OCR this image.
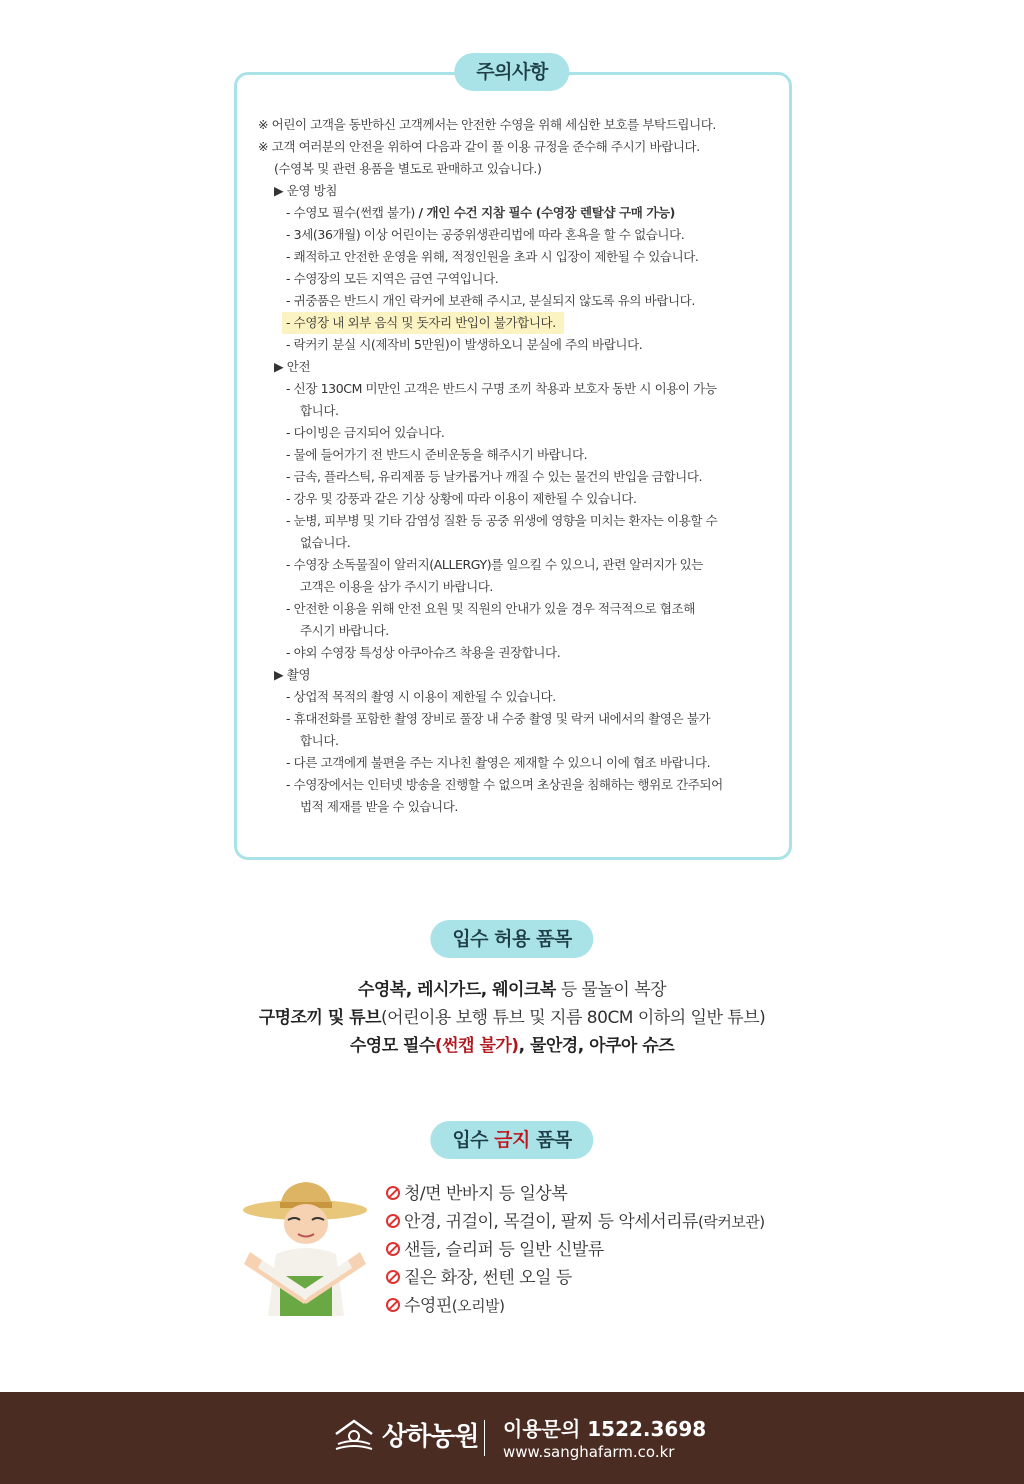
주의사항
※ 어린이 고객을 동반하신 고객께서는 안전한 수영을 위해 세심한 보호를 부탁드립니다.
※ 고객 여러분의 안전을 위하여 다음과 같이 풀 이용 규정을 준수해 주시기 바랍니다.
(수영복 및 관련 용품을 별도로 판매하고 있습니다.)
▶ 운영 방침
- 수영모 필수(썬캡 불가) / 개인 수건 지참 필수 (수영장 렌탈샵 구매 가능)
- 3세(36개월) 이상 어린이는 공중위생관리법에 따라 혼욕을 할 수 없습니다.
- 쾌적하고 안전한 운영을 위해, 적정인원을 초과 시 입장이 제한될 수 있습니다.
- 수영장의 모든 지역은 금연 구역입니다.
- 귀중품은 반드시 개인 락커에 보관해 주시고, 분실되지 않도록 유의 바랍니다.
- 수영장 내 외부 음식 및 돗자리 반입이 불가합니다.
- 락커키 분실 시(제작비 5만원)이 발생하오니 분실에 주의 바랍니다.
▶ 안전
- 신장 130CM 미만인 고객은 반드시 구명 조끼 착용과 보호자 동반 시 이용이 가능
합니다.
- 다이빙은 금지되어 있습니다.
- 물에 들어가기 전 반드시 준비운동을 해주시기 바랍니다.
- 금속, 플라스틱, 유리제품 등 날카롭거나 깨질 수 있는 물건의 반입을 금합니다.
- 강우 및 강풍과 같은 기상 상황에 따라 이용이 제한될 수 있습니다.
- 눈병, 피부병 및 기타 감염성 질환 등 공중 위생에 영향을 미치는 환자는 이용할 수
없습니다.
- 수영장 소독물질이 알러지(ALLERGY)를 일으킬 수 있으니, 관련 알러지가 있는
고객은 이용을 삼가 주시기 바랍니다.
- 안전한 이용을 위해 안전 요원 및 직원의 안내가 있을 경우 적극적으로 협조해
주시기 바랍니다.
- 야외 수영장 특성상 아쿠아슈즈 착용을 권장합니다.
▶ 촬영
- 상업적 목적의 촬영 시 이용이 제한될 수 있습니다.
- 휴대전화를 포함한 촬영 장비로 풀장 내 수중 촬영 및 락커 내에서의 촬영은 불가
합니다.
- 다른 고객에게 불편을 주는 지나친 촬영은 제재할 수 있으니 이에 협조 바랍니다.
- 수영장에서는 인터넷 방송을 진행할 수 없으며 초상권을 침해하는 행위로 간주되어
법적 제재를 받을 수 있습니다.
입수 허용 품목
수영복, 레시가드, 웨이크복 등 물놀이 복장
구명조끼 및 튜브(어린이용 보행 튜브 및 지름 80CM 이하의 일반 튜브)
수영모 필수(썬캡 불가), 물안경, 아쿠아 슈즈
입수 금지 품목
청/면 반바지 등 일상복
안경, 귀걸이, 목걸이, 팔찌 등 악세서리류(락커보관)
샌들, 슬리퍼 등 일반 신발류
짙은 화장, 썬텐 오일 등
수영핀(오리발)
상하농원 이용문의 1522.3698
www.sanghafarm.co.kr
